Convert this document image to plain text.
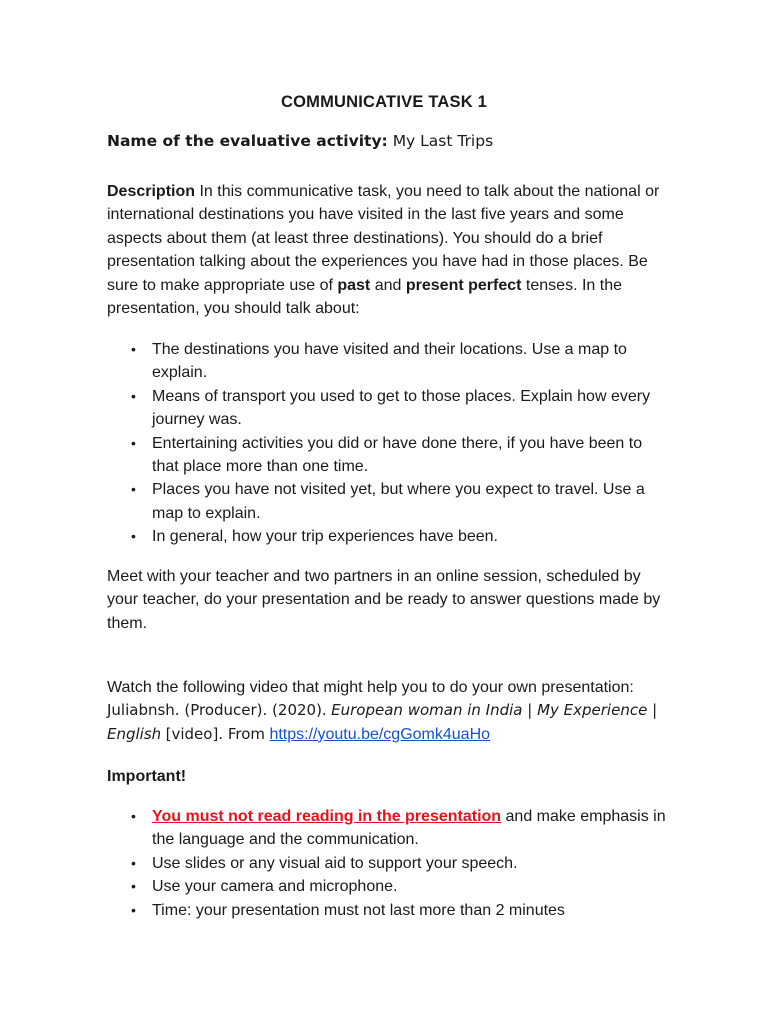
COMMUNICATIVE TASK 1
Name of the evaluative activity: My Last Trips
Description In this communicative task, you need to talk about the national or international destinations you have visited in the last five years and some aspects about them (at least three destinations). You should do a brief presentation talking about the experiences you have had in those places. Be sure to make appropriate use of past and present perfect tenses. In the presentation, you should talk about:
• The destinations you have visited and their locations. Use a map to explain.
• Means of transport you used to get to those places. Explain how every journey was.
• Entertaining activities you did or have done there, if you have been to that place more than one time.
• Places you have not visited yet, but where you expect to travel. Use a map to explain.
• In general, how your trip experiences have been.
Meet with your teacher and two partners in an online session, scheduled by your teacher, do your presentation and be ready to answer questions made by them.
Watch the following video that might help you to do your own presentation: Juliabnsh. (Producer). (2020). European woman in India | My Experience | English [video]. From https://youtu.be/cgGomk4uaHo
Important!
• You must not read reading in the presentation and make emphasis in the language and the communication.
• Use slides or any visual aid to support your speech.
• Use your camera and microphone.
• Time: your presentation must not last more than 2 minutes
